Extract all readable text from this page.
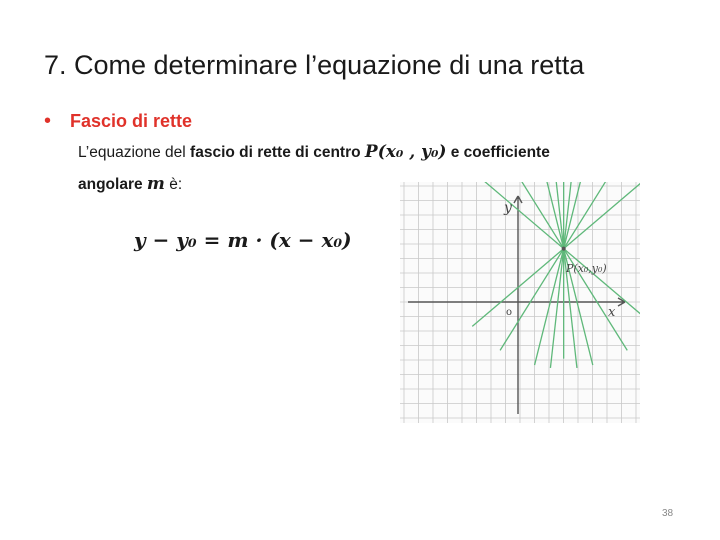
7. Come determinare l’equazione di una retta
•	Fascio di rette
L’equazione del fascio di rette di centro P(x₀ , y₀) e coefficiente
angolare m è:
y − y₀ = m · (x − x₀)
y
x
o
P(x₀,y₀)
38
